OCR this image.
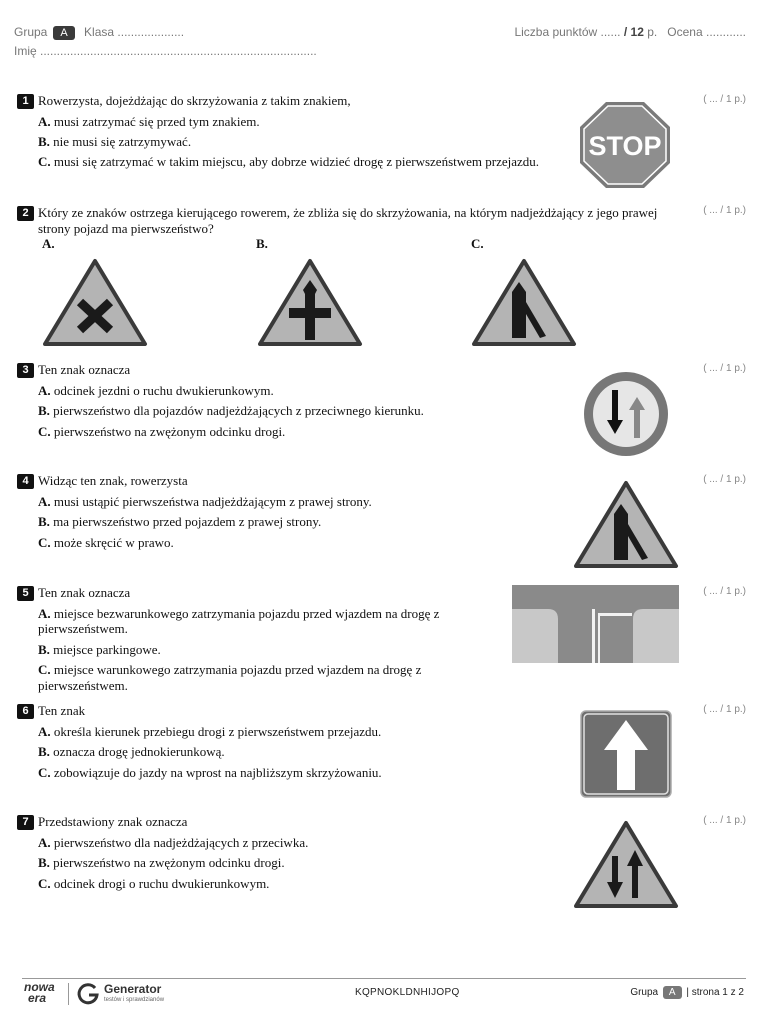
Grupa A Klasa ....................
Imię ...................................................................................
Liczba punktów ...... / 12 p. Ocena ............
1 Rowerzysta, dojeżdżając do skrzyżowania z takim znakiem,
A. musi zatrzymać się przed tym znakiem.
B. nie musi się zatrzymywać.
C. musi się zatrzymać w takim miejscu, aby dobrze widzieć drogę z pierwszeństwem przejazdu.
( ... / 1 p.)
STOP
2 Który ze znaków ostrzega kierującego rowerem, że zbliża się do skrzyżowania, na którym nadjeżdżający z jego prawej strony pojazd ma pierwszeństwo?
( ... / 1 p.)
A.	B.	C.
3 Ten znak oznacza
A. odcinek jezdni o ruchu dwukierunkowym.
B. pierwszeństwo dla pojazdów nadjeżdżających z przeciwnego kierunku.
C. pierwszeństwo na zwężonym odcinku drogi.
( ... / 1 p.)
4 Widząc ten znak, rowerzysta
A. musi ustąpić pierwszeństwa nadjeżdżającym z prawej strony.
B. ma pierwszeństwo przed pojazdem z prawej strony.
C. może skręcić w prawo.
( ... / 1 p.)
5 Ten znak oznacza
A. miejsce bezwarunkowego zatrzymania pojazdu przed wjazdem na drogę z pierwszeństwem.
B. miejsce parkingowe.
C. miejsce warunkowego zatrzymania pojazdu przed wjazdem na drogę z pierwszeństwem.
( ... / 1 p.)
6 Ten znak
A. określa kierunek przebiegu drogi z pierwszeństwem przejazdu.
B. oznacza drogę jednokierunkową.
C. zobowiązuje do jazdy na wprost na najbliższym skrzyżowaniu.
( ... / 1 p.)
7 Przedstawiony znak oznacza
A. pierwszeństwo dla nadjeżdżających z przeciwka.
B. pierwszeństwo na zwężonym odcinku drogi.
C. odcinek drogi o ruchu dwukierunkowym.
( ... / 1 p.)
nowa
era
Generator
testów i sprawdzianów
KQPNOKLDNHIJOPQ	Grupa A | strona 1 z 2
